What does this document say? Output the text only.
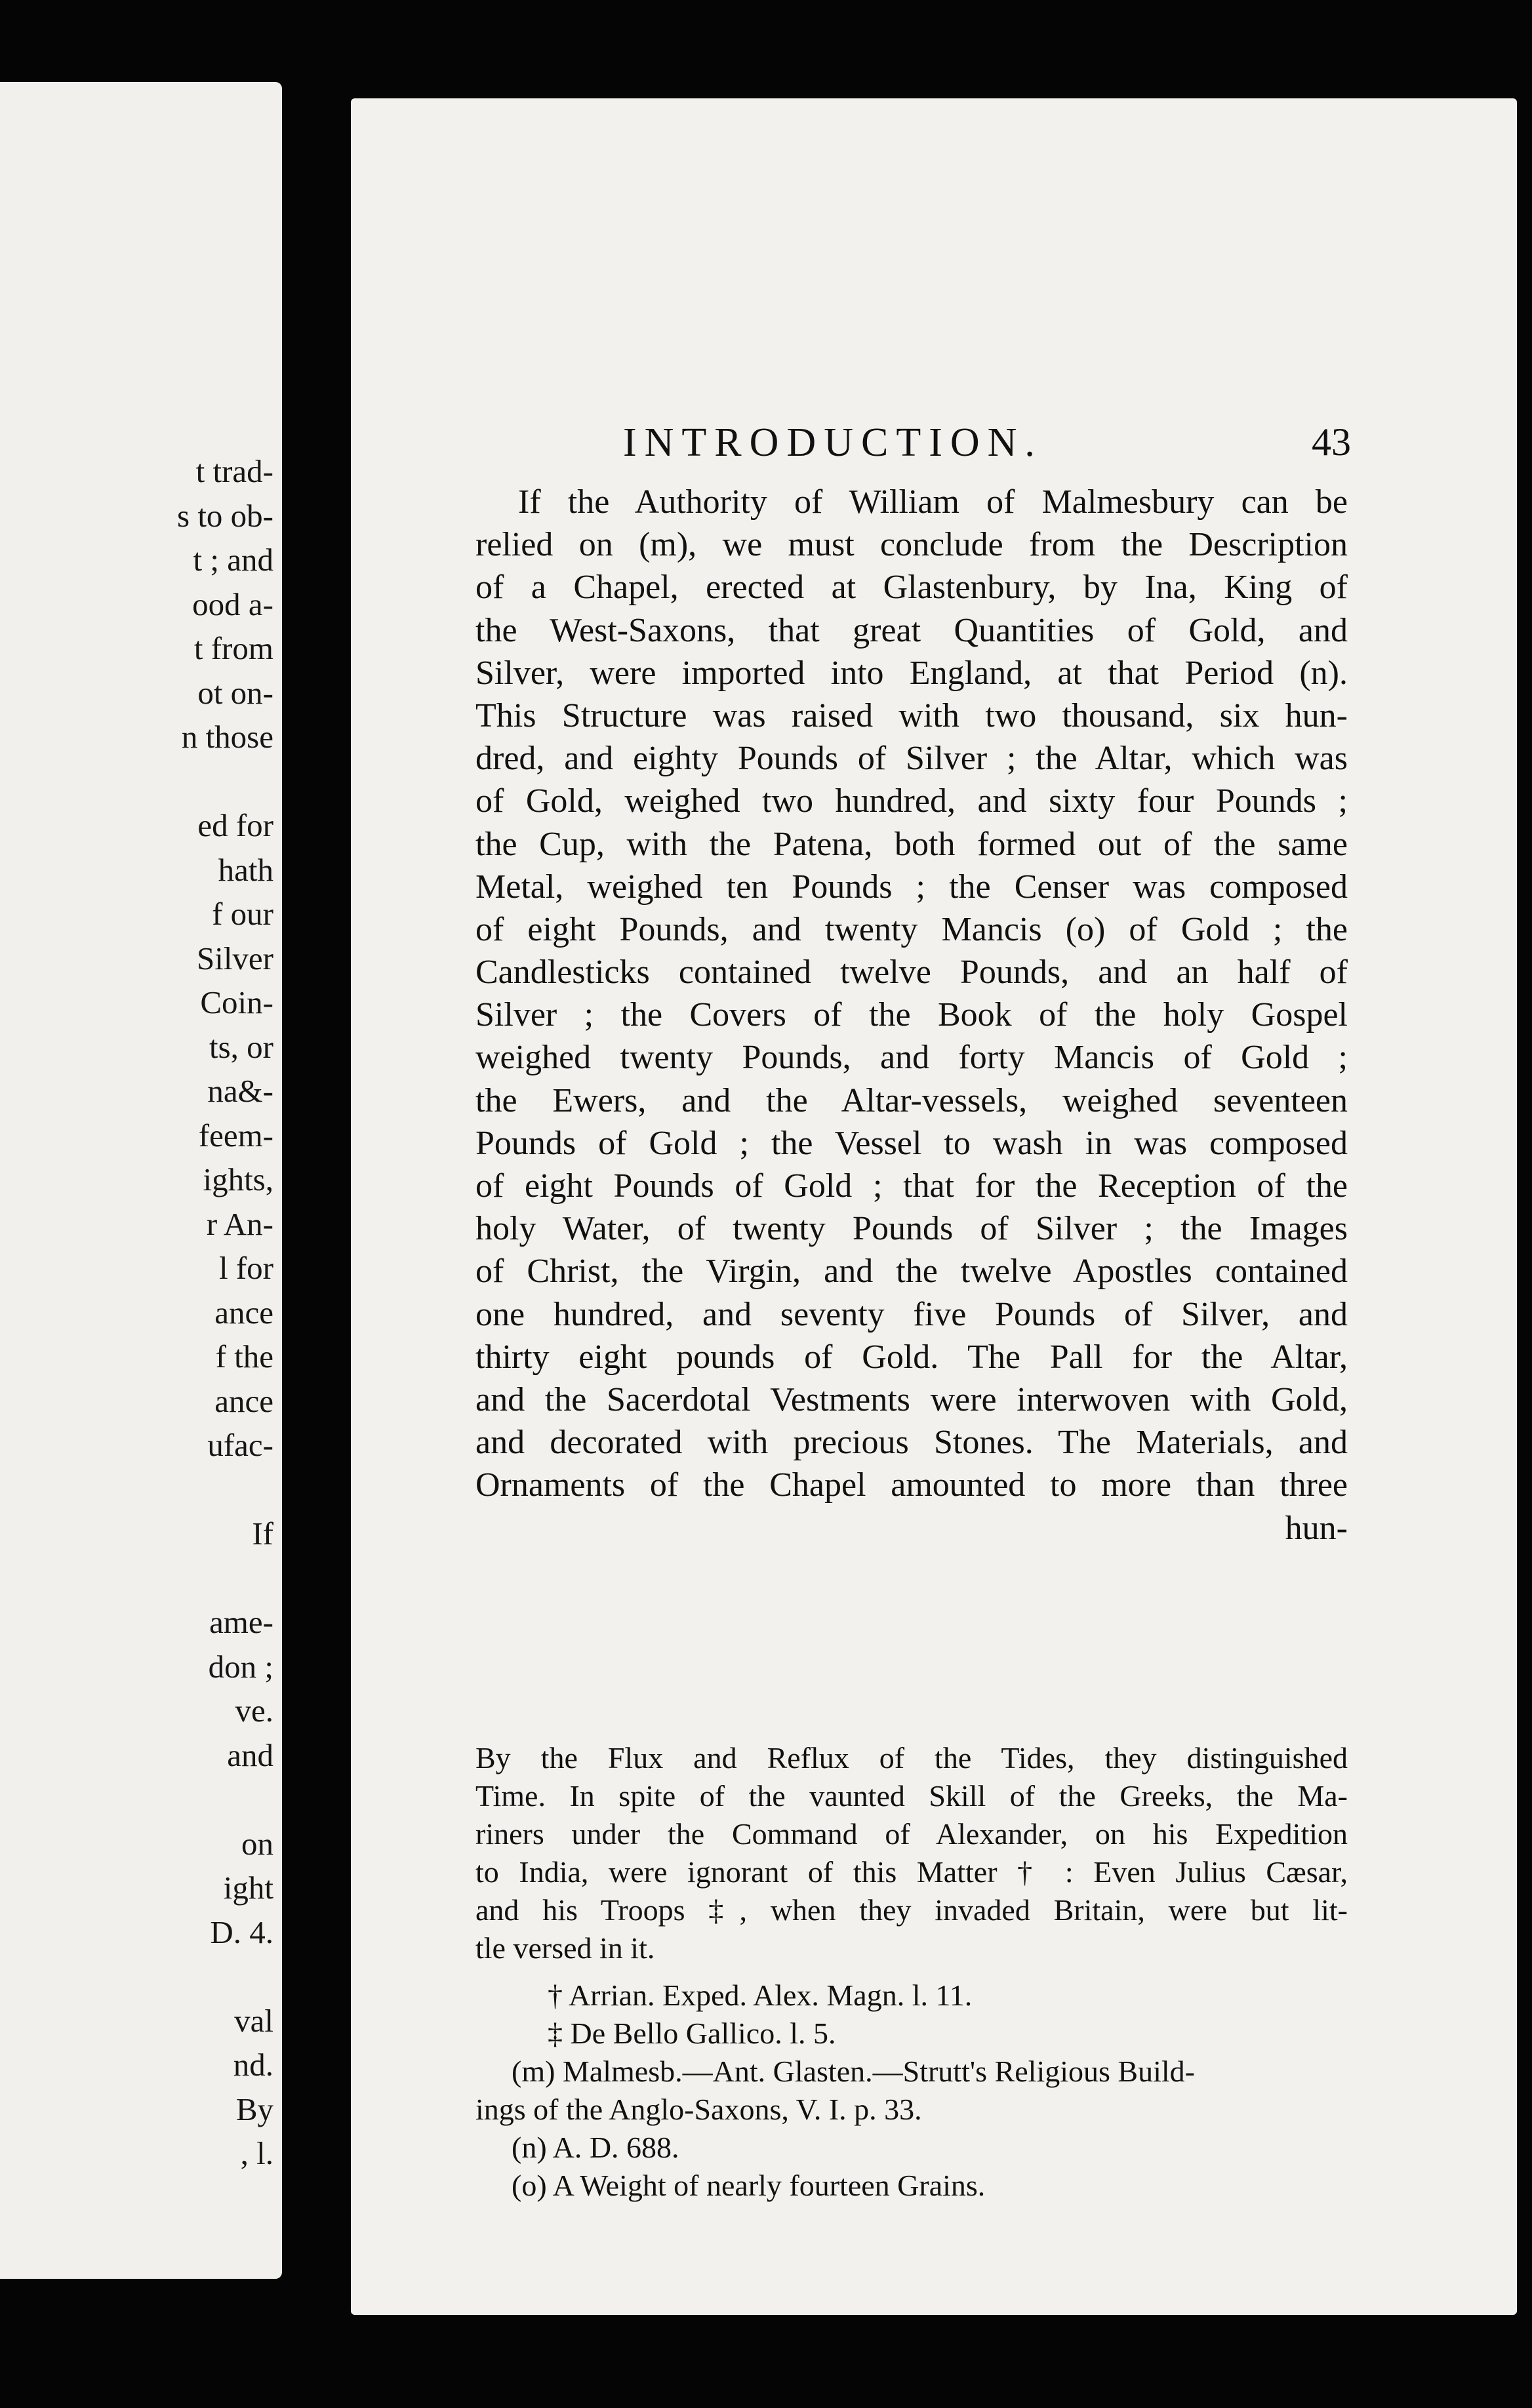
t trad-
s to ob-
t ; and
ood a-
t from
ot on-
n those

ed for
hath
f our
Silver
Coin-
ts, or
na&-
feem-
ights,
r An-
l for
ance
f the
ance
ufac-

If

ame-
don ;
ve.
and

on
ight
D. 4.

val
nd.
By
, l.
INTRODUCTION.	43
If the Authority of William of Malmesbury can be
relied on (m), we must conclude from the Description
of a Chapel, erected at Glastenbury, by Ina, King of
the West-Saxons, that great Quantities of Gold, and
Silver, were imported into England, at that Period (n).
This Structure was raised with two thousand, six hun-
dred, and eighty Pounds of Silver ; the Altar, which was
of Gold, weighed two hundred, and sixty four Pounds ;
the Cup, with the Patena, both formed out of the same
Metal, weighed ten Pounds ; the Censer was composed
of eight Pounds, and twenty Mancis (o) of Gold ; the
Candlesticks contained twelve Pounds, and an half of
Silver ; the Covers of the Book of the holy Gospel
weighed twenty Pounds, and forty Mancis of Gold ;
the Ewers, and the Altar-vessels, weighed seventeen
Pounds of Gold ; the Vessel to wash in was composed
of eight Pounds of Gold ; that for the Reception of the
holy Water, of twenty Pounds of Silver ; the Images
of Christ, the Virgin, and the twelve Apostles contained
one hundred, and seventy five Pounds of Silver, and
thirty eight pounds of Gold. The Pall for the Altar,
and the Sacerdotal Vestments were interwoven with Gold,
and decorated with precious Stones. The Materials, and
Ornaments of the Chapel amounted to more than three
hun-
By the Flux and Reflux of the Tides, they distinguished
Time. In spite of the vaunted Skill of the Greeks, the Ma-
riners under the Command of Alexander, on his Expedition
to India, were ignorant of this Matter † : Even Julius Cæsar,
and his Troops ‡, when they invaded Britain, were but lit-
tle versed in it.
† Arrian. Exped. Alex. Magn. l. 11.
‡ De Bello Gallico. l. 5.
(m) Malmesb.—Ant. Glasten.—Strutt's Religious Build-
ings of the Anglo-Saxons, V. I. p. 33.
(n) A. D. 688.
(o) A Weight of nearly fourteen Grains.
